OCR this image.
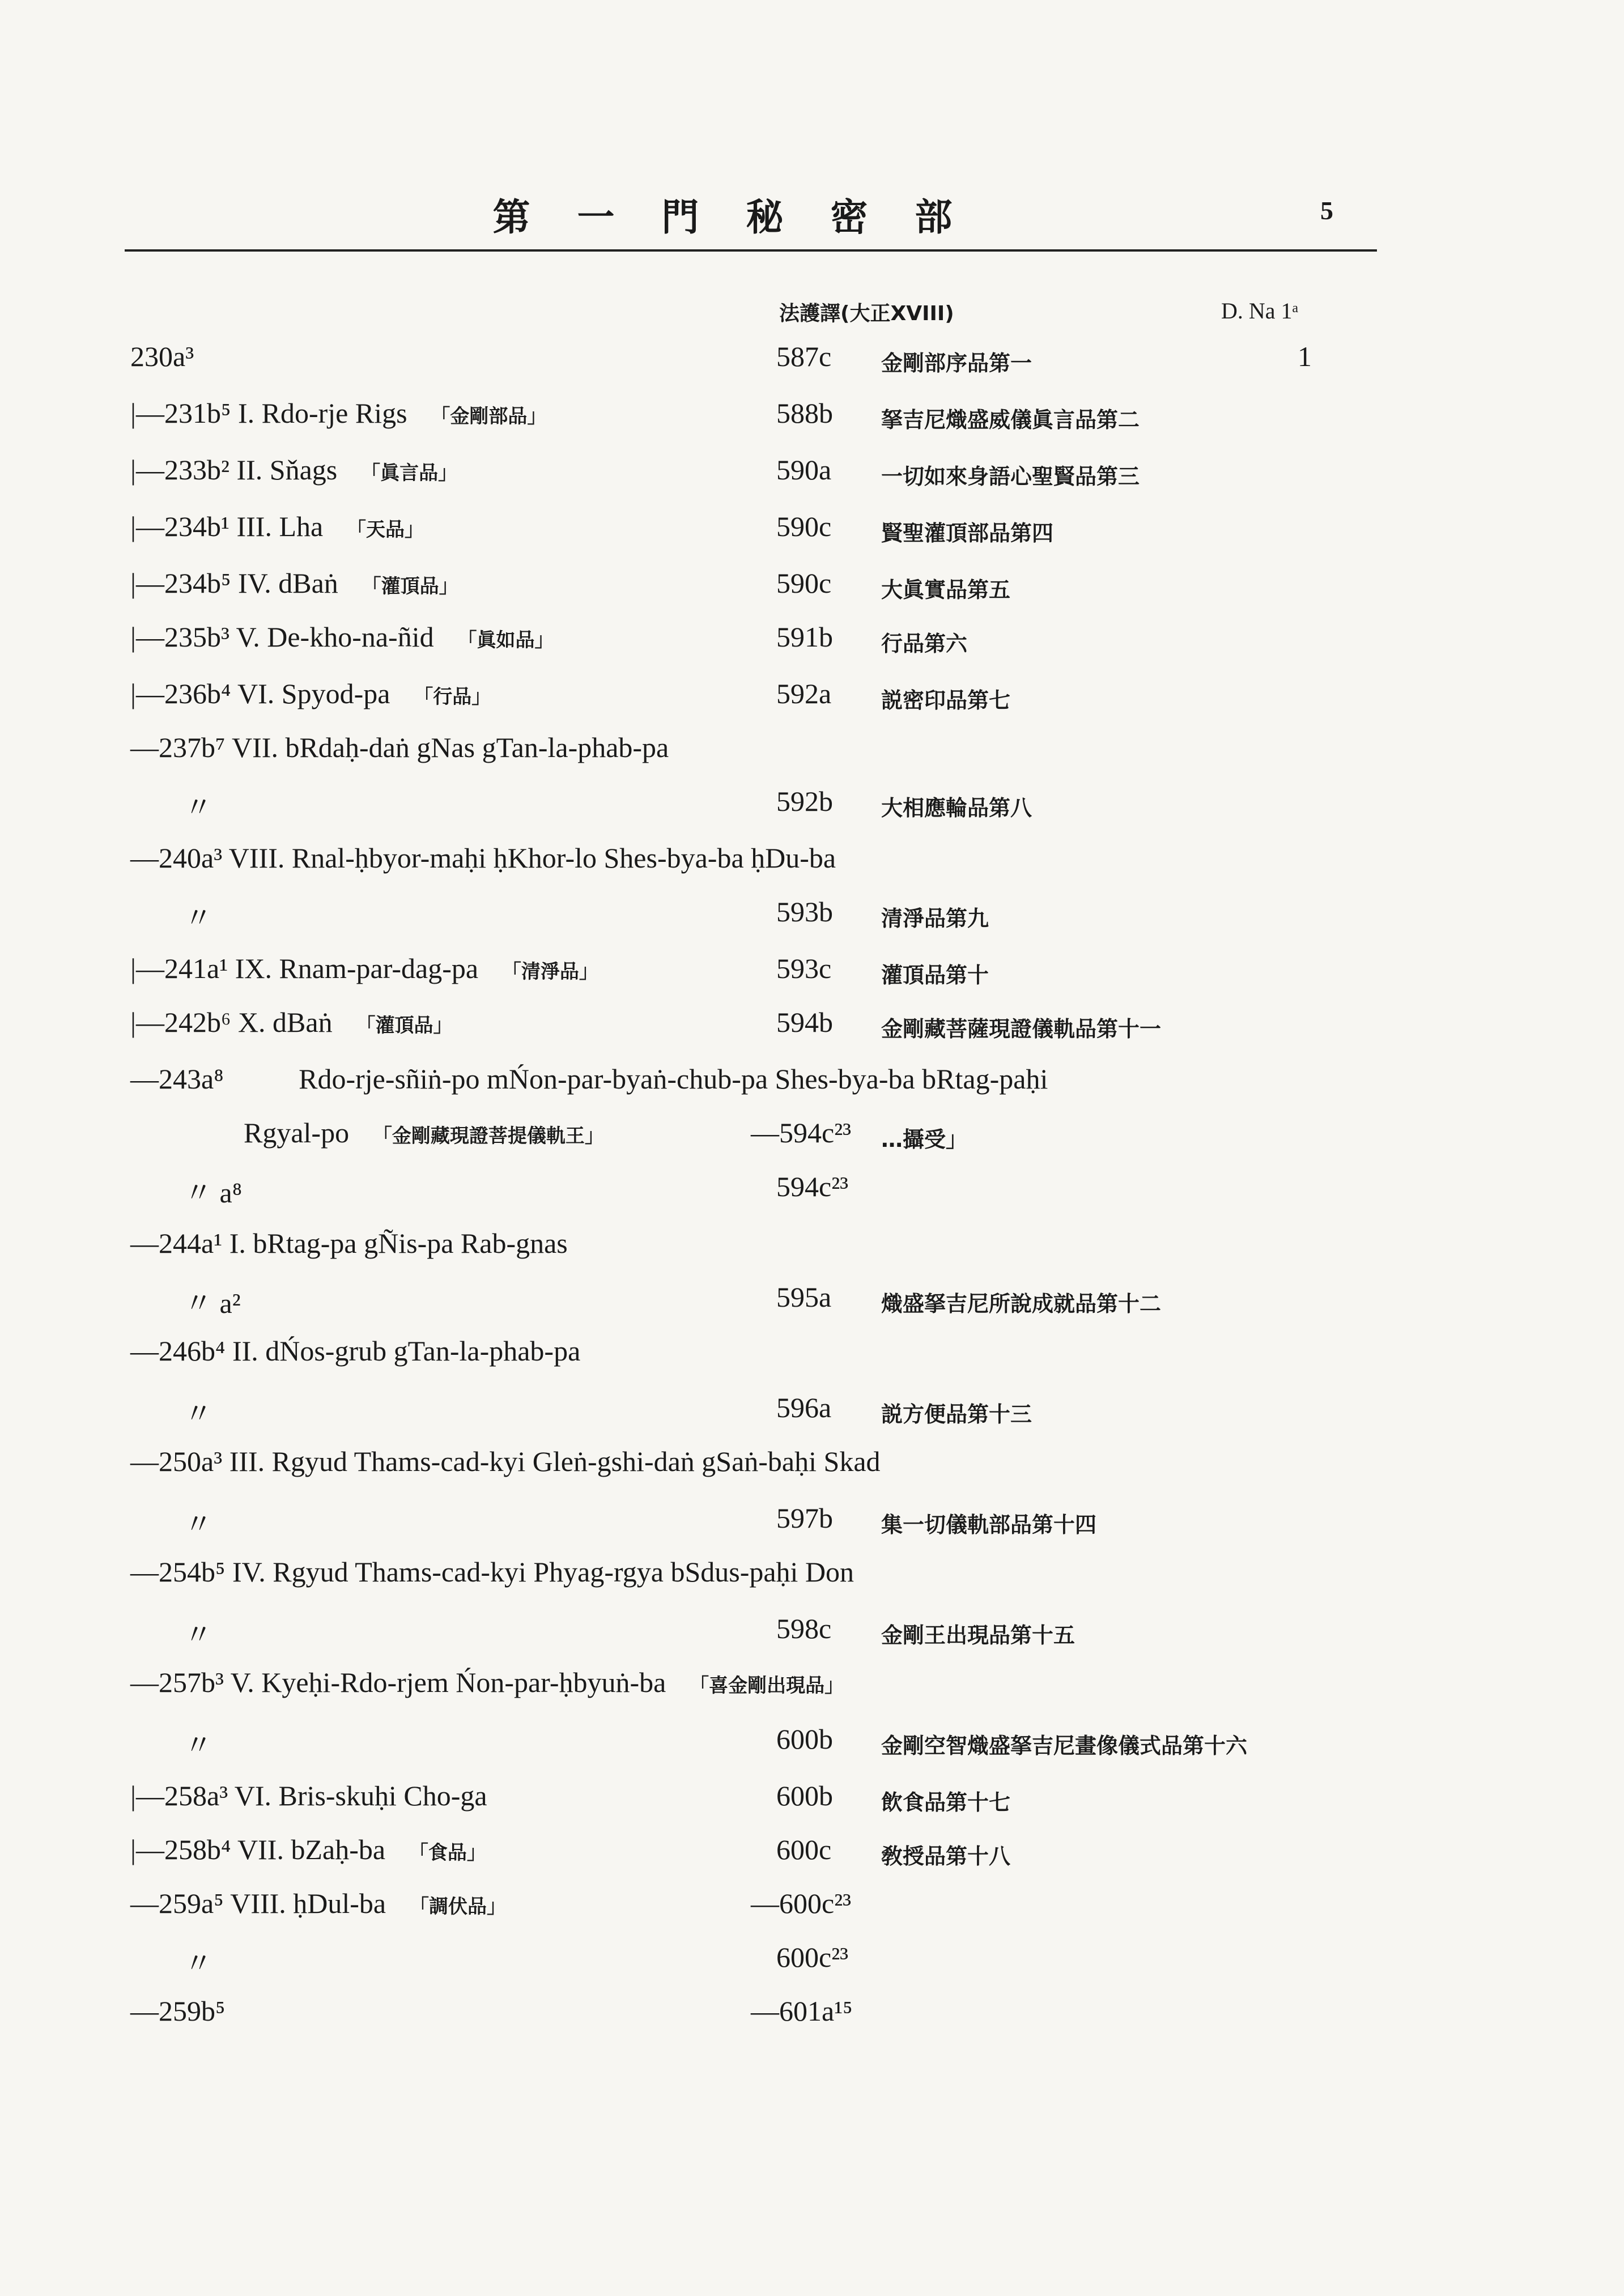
第 一 門 秘 密 部	5
法護譯(大正XVIII)	D. Na 1ᵃ
230a³	587c 金剛部序品第一	1
|—231b⁵ I. Rdo-rje Rigs 「金剛部品」	588b 拏吉尼熾盛威儀眞言品第二
|—233b² II. Sňags 「眞言品」	590a 一切如來身語心聖賢品第三
|—234b¹ III. Lha 「天品」	590c 賢聖灌頂部品第四
|—234b⁵ IV. dBaṅ 「灌頂品」	590c 大眞實品第五
|—235b³ V. De-kho-na-ñid 「眞如品」	591b 行品第六
|—236b⁴ VI. Spyod-pa 「行品」	592a 説密印品第七
—237b⁷ VII. bRdaḥ-daṅ gNas gTan-la-phab-pa
〃	592b 大相應輪品第八
—240a³ VIII. Rnal-ḥbyor-maḥi ḥKhor-lo Shes-bya-ba ḥDu-ba
〃	593b 清淨品第九
|—241a¹ IX. Rnam-par-dag-pa 「清淨品」	593c 灌頂品第十
|—242b⁶ X. dBaṅ 「灌頂品」	594b 金剛藏菩薩現證儀軌品第十一
—243a⁸ Rdo-rje-sñiṅ-po mŃon-par-byaṅ-chub-pa Shes-bya-ba bRtag-paḥi
Rgyal-po 「金剛藏現證菩提儀軌王」	—594c²³ …攝受」
〃 a⁸	594c²³
—244a¹ I. bRtag-pa gÑis-pa Rab-gnas
〃 a²	595a 熾盛拏吉尼所說成就品第十二
—246b⁴ II. dŃos-grub gTan-la-phab-pa
〃	596a 説方便品第十三
—250a³ III. Rgyud Thams-cad-kyi Gleṅ-gshi-daṅ gSaṅ-baḥi Skad
〃	597b 集一切儀軌部品第十四
—254b⁵ IV. Rgyud Thams-cad-kyi Phyag-rgya bSdus-paḥi Don
〃	598c 金剛王出現品第十五
—257b³ V. Kyeḥi-Rdo-rjem Ńon-par-ḥbyuṅ-ba 「喜金剛出現品」
〃	600b 金剛空智熾盛拏吉尼畫像儀式品第十六
|—258a³ VI. Bris-skuḥi Cho-ga	600b 飲食品第十七
|—258b⁴ VII. bZaḥ-ba 「食品」	600c 敎授品第十八
—259a⁵ VIII. ḥDul-ba 「調伏品」	—600c²³
〃	600c²³
—259b⁵	—601a¹⁵
